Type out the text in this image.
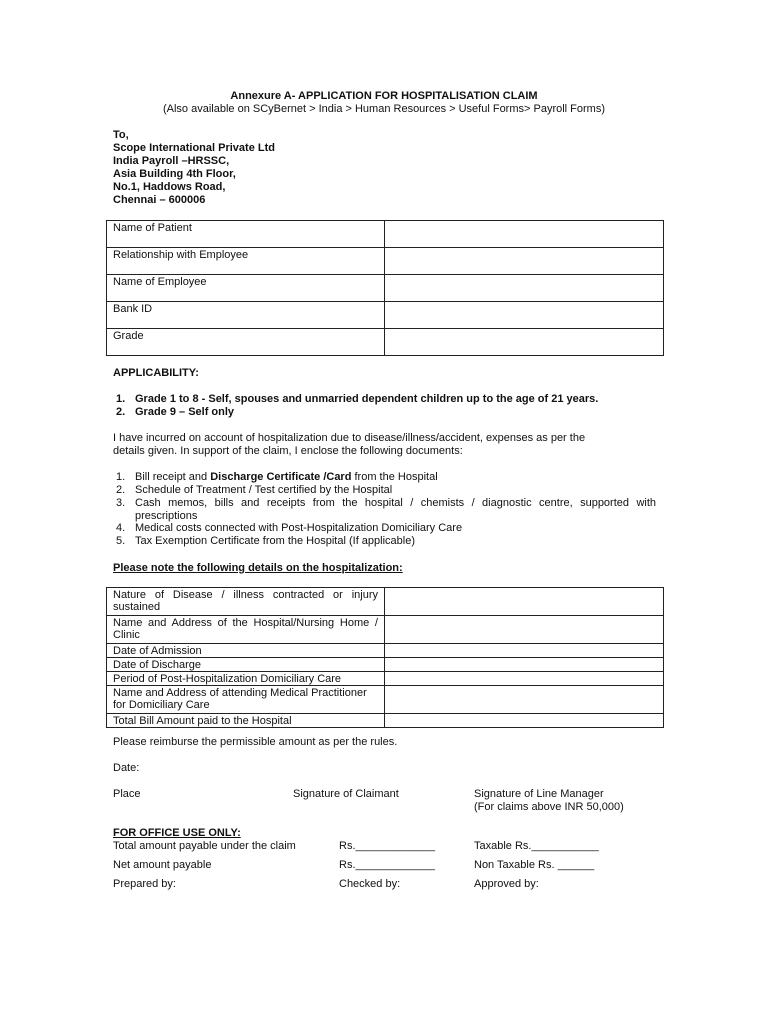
Annexure A- APPLICATION FOR HOSPITALISATION CLAIM
(Also available on SCyBernet > India > Human Resources > Useful Forms> Payroll Forms)
To,
Scope International Private Ltd
India Payroll –HRSSC,
Asia Building 4th Floor,
No.1, Haddows Road,
Chennai – 600006
Name of Patient	
Relationship with Employee	
Name of Employee	
Bank ID	
Grade	
APPLICABILITY:
1. Grade 1 to 8 - Self, spouses and unmarried dependent children up to the age of 21 years.
2. Grade 9 – Self only
I have incurred on account of hospitalization due to disease/illness/accident, expenses as per the
details given. In support of the claim, I enclose the following documents:
1. Bill receipt and Discharge Certificate /Card from the Hospital
2. Schedule of Treatment / Test certified by the Hospital
3. Cash memos, bills and receipts from the hospital / chemists / diagnostic centre, supported with prescriptions
4. Medical costs connected with Post-Hospitalization Domiciliary Care
5. Tax Exemption Certificate from the Hospital (If applicable)
Please note the following details on the hospitalization:
Nature of Disease / illness contracted or injury sustained	
Name and Address of the Hospital/Nursing Home / Clinic	
Date of Admission	
Date of Discharge	
Period of Post-Hospitalization Domiciliary Care	
Name and Address of attending Medical Practitioner for Domiciliary Care	
Total Bill Amount paid to the Hospital	
Please reimburse the permissible amount as per the rules.
Date:
Place	Signature of Claimant	Signature of Line Manager
(For claims above INR 50,000)
FOR OFFICE USE ONLY:
Total amount payable under the claim	Rs._____________	Taxable Rs.___________
Net amount payable	Rs._____________	Non Taxable Rs. ______
Prepared by:	Checked by:	Approved by:
